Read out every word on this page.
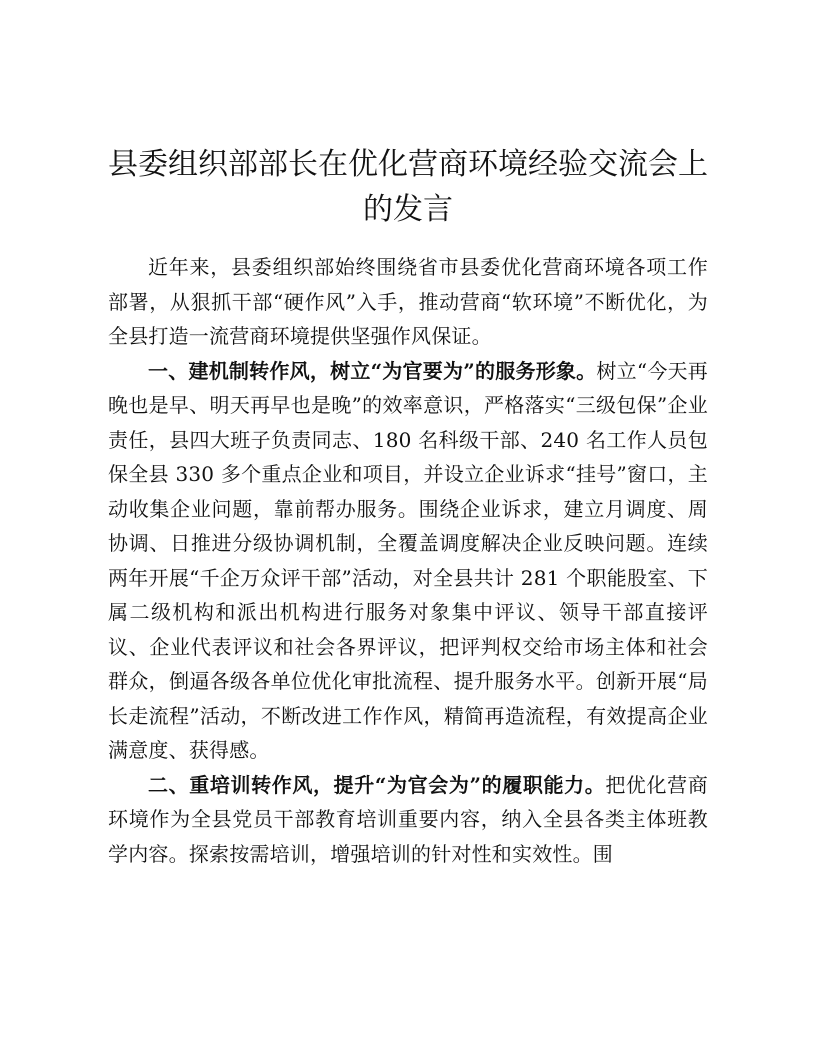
县委组织部部长在优化营商环境经验交流会上的发言

近年来，县委组织部始终围绕省市县委优化营商环境各项工作部署，从狠抓干部“硬作风”入手，推动营商“软环境”不断优化，为全县打造一流营商环境提供坚强作风保证。

一、建机制转作风，树立“为官要为”的服务形象。树立“今天再晚也是早、明天再早也是晚”的效率意识，严格落实“三级包保”企业责任，县四大班子负责同志、180 名科级干部、240 名工作人员包保全县 330 多个重点企业和项目，并设立企业诉求“挂号”窗口，主动收集企业问题，靠前帮办服务。围绕企业诉求，建立月调度、周协调、日推进分级协调机制，全覆盖调度解决企业反映问题。连续两年开展“千企万众评干部”活动，对全县共计 281 个职能股室、下属二级机构和派出机构进行服务对象集中评议、领导干部直接评议、企业代表评议和社会各界评议，把评判权交给市场主体和社会群众，倒逼各级各单位优化审批流程、提升服务水平。创新开展“局长走流程”活动，不断改进工作作风，精简再造流程，有效提高企业满意度、获得感。

二、重培训转作风，提升“为官会为”的履职能力。把优化营商环境作为全县党员干部教育培训重要内容，纳入全县各类主体班教学内容。探索按需培训，增强培训的针对性和实效性。围
